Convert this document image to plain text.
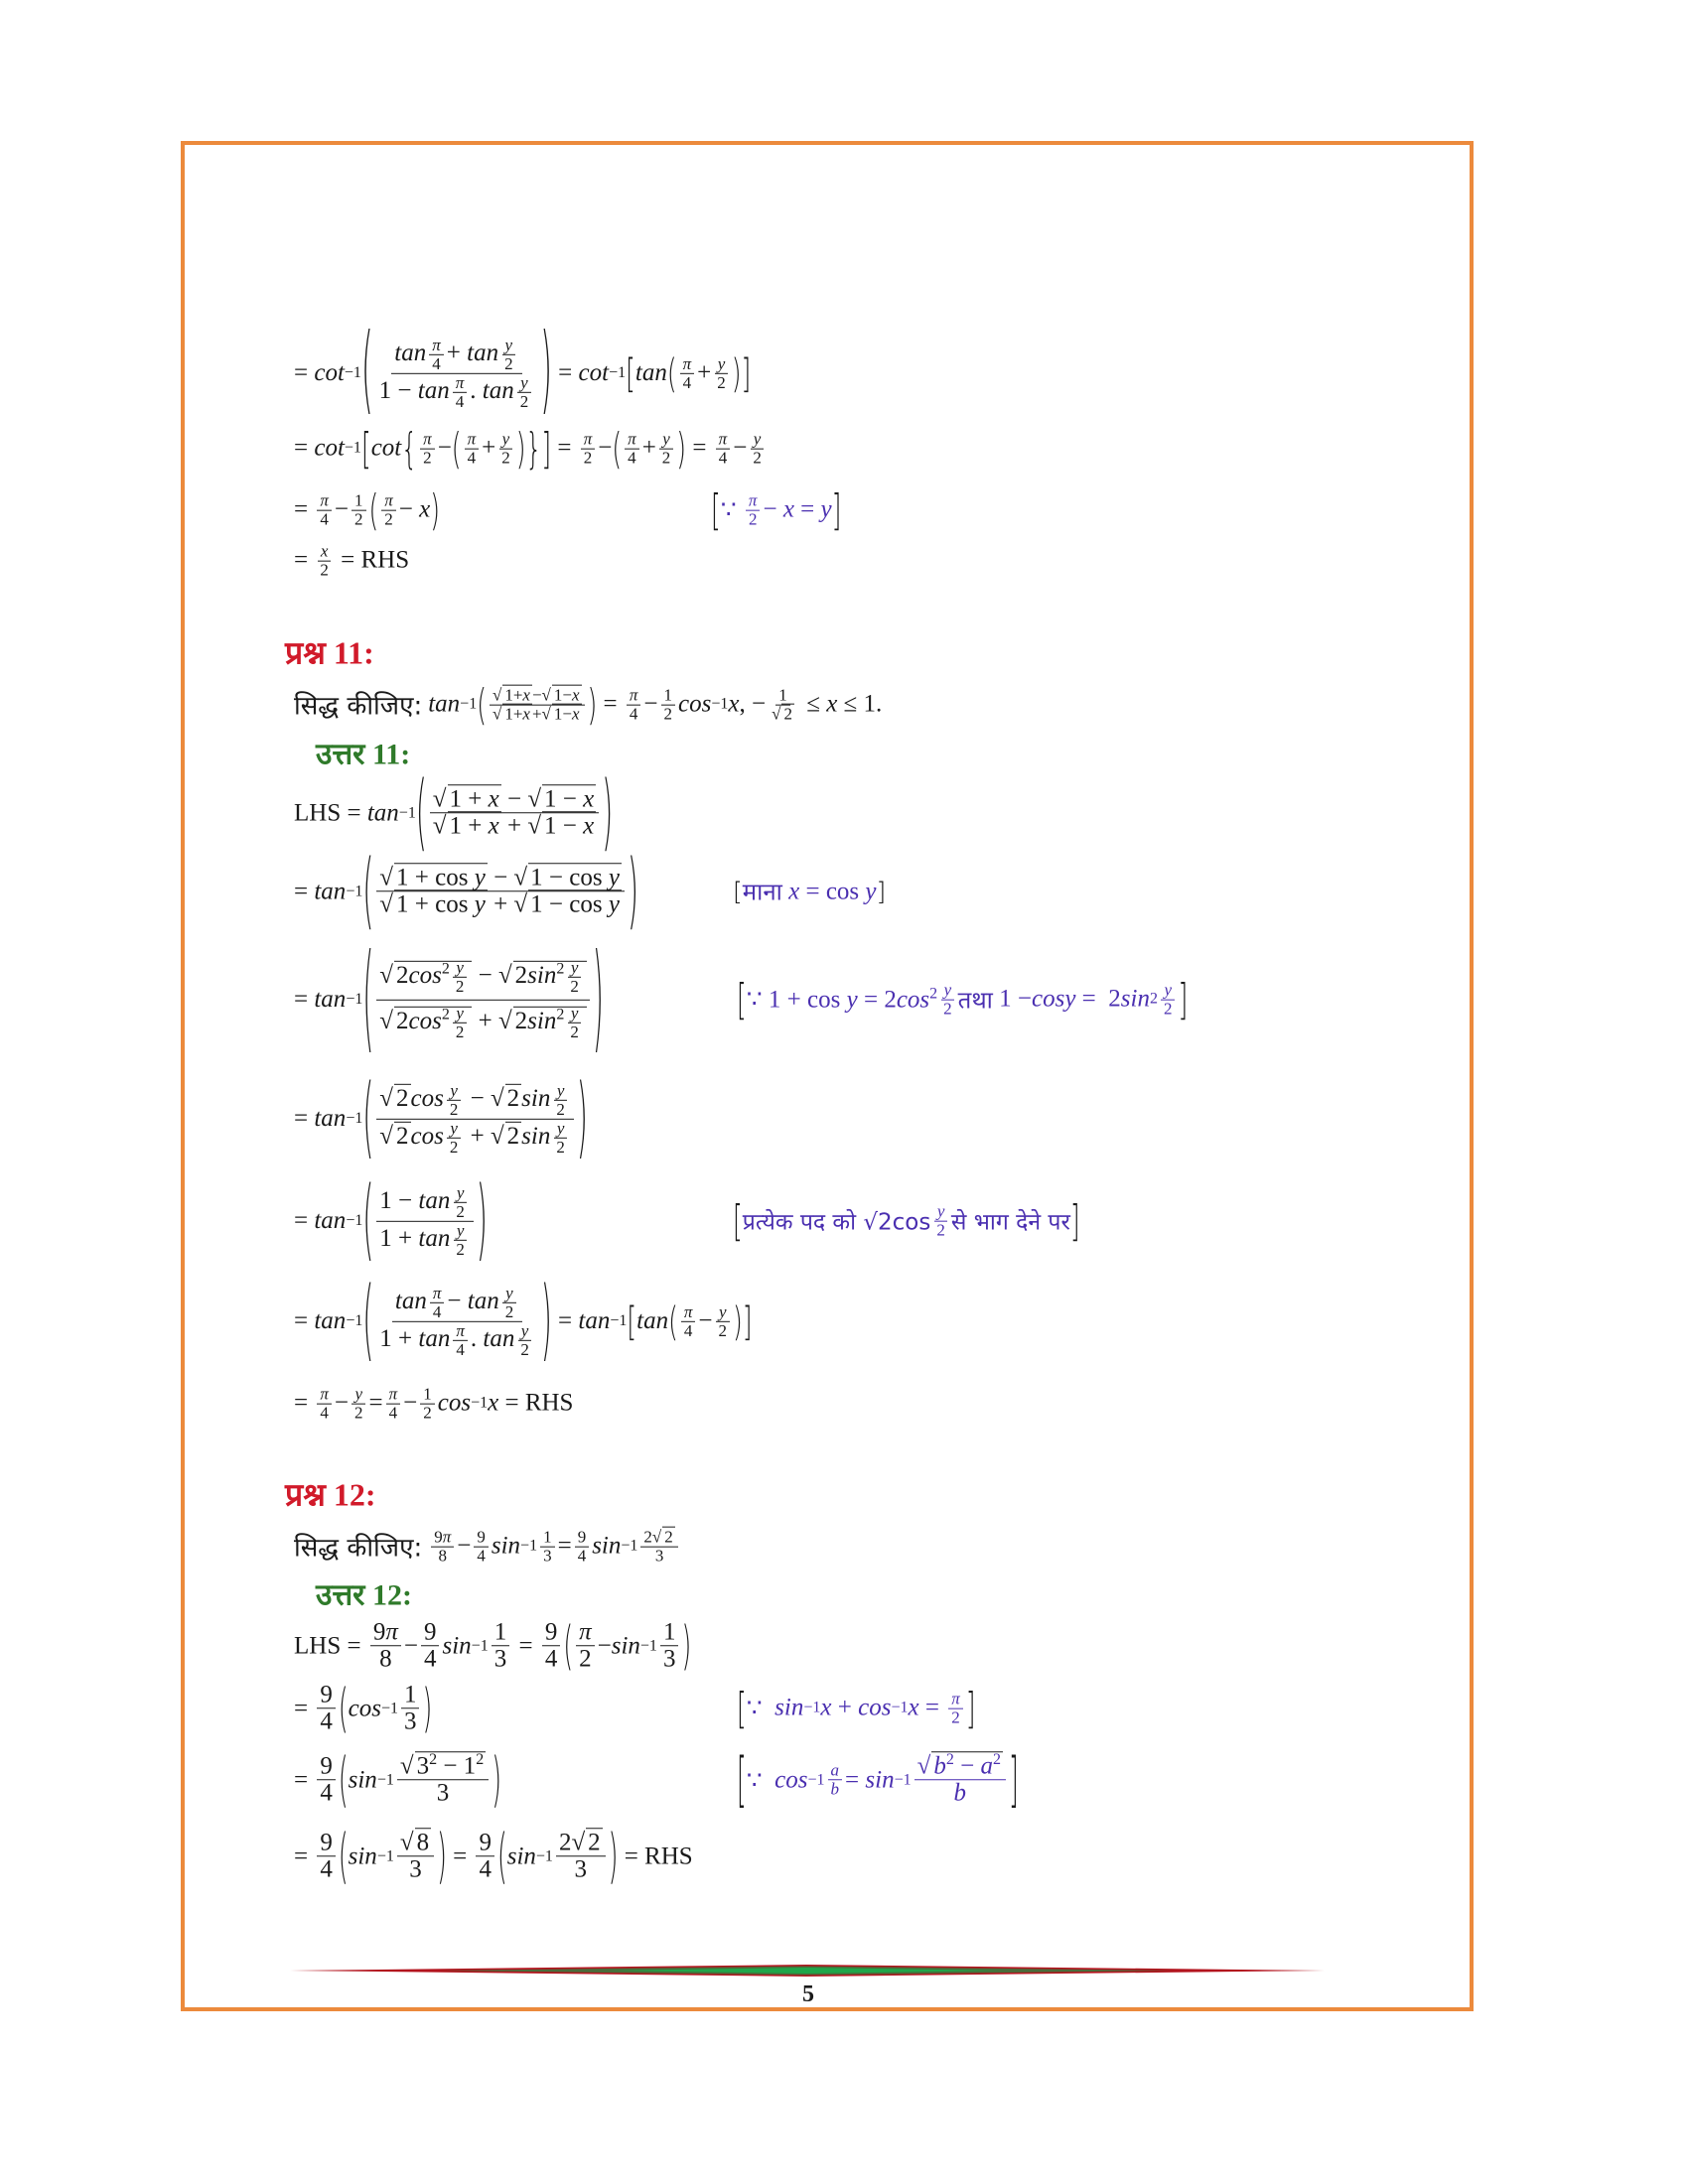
= cot −1 ( $\frac{\tan \frac{\pi}{4} + \tan \frac{y}{2}}{1 - \tan \frac{\pi}{4} . \tan \frac{y}{2}}$ ) = cot −1 [ tan ( $\frac{\pi}{4} + \frac{y}{2}$ ) ]
= cot −1 [ cot { $\frac{\pi}{2}$ − ( $\frac{\pi}{4} + \frac{y}{2}$ ) } ] = $\frac{\pi}{2}$ − ( $\frac{\pi}{4} + \frac{y}{2}$ ) = $\frac{\pi}{4} - \frac{y}{2}$
= $\frac{\pi}{4} - \frac{1}{2}$ ( $\frac{\pi}{2} - x$ )	[ ∵ $\frac{\pi}{2} - x = y$ ]
= $\frac{x}{2}$ = RHS
प्रश्न 11:
सिद्ध कीजिए: tan −1 ( $\frac{√ 1+x -√ 1-x}{√ 1+x +√ 1-x}$ ) = $\frac{\pi}{4} - \frac{1}{2}$ cos −1 x , − $\frac{1}{√ 2} \le x \le 1$.
उत्तर 11:
LHS = tan −1 ( $\frac{√ 1 + x - √ 1 - x}{√ 1 + x + √ 1 - x}$ )
= tan −1 ( $\frac{\text{√ 1 + cos y − √ 1 − cos y}}{\text{√ 1 + cos y + √ 1 − cos y}}$ )	[ माना
x = cos y ]
= tan −1 ( $\frac{√ 2\cos^2 \frac{y}{2} - √ 2\sin^2 \frac{y}{2}}{√ 2\cos^2 \frac{y}{2} + √ 2\sin^2 \frac{y}{2}}$ )	[ ∵ $1 + \cos y = 2\cos^2 \frac{y}{2}$ तथा 1 − cosy =  2 $\sin 2 \frac{y}{2}$ ]
= tan −1 ( $\frac{√ 2\cos \frac{y}{2} - √ 2\sin \frac{y}{2}}{√ 2\cos \frac{y}{2} + √ 2\sin \frac{y}{2}}$ )
= tan −1 ( $\frac{1 - \tan \frac{y}{2}}{1 + \tan \frac{y}{2}}$ )	[ प्रत्येक पद को $√2\cos \frac{y}{2}$ से भाग देने पर ]
= tan −1 ( $\frac{\tan \frac{\pi}{4} - \tan \frac{y}{2}}{1 + \tan \frac{\pi}{4} . \tan \frac{y}{2}}$ ) = tan −1 [ tan ( $\frac{\pi}{4} - \frac{y}{2}$ ) ]
= $\frac{\pi}{4} - \frac{y}{2} = \frac{\pi}{4} - \frac{1}{2}$ cos −1 x = RHS
प्रश्न 12:
सिद्ध कीजिए: $\frac{9\pi}{8} - \frac{9}{4}$ $\sin -1 \frac{1}{3} = \frac{9}{4}$ $\sin -1 \frac{2√ 2}{3}$
उत्तर 12:
LHS = $\frac{9\pi}{8} - \frac{9}{4}$ $\sin -1 \frac{1}{3} = \frac{9}{4}$ ( $\frac{\pi}{2} - \sin -1 \frac{1}{3}$ )
= $\frac{9}{4}$ ( $\cos -1 \frac{1}{3}$ )	[ ∵ sin −1 x + cos −1 $x = \frac{\pi}{2}$ ]
= $\frac{9}{4}$ ( $\sin -1 \frac{√ 3^2 - 1^2}{3}$ )	[ ∵ $\cos -1 \frac{a}{b} = \sin -1 \frac{√ b^2 - a^2}{b}$ ]
= $\frac{9}{4}$ ( $\sin -1 \frac{√ 8}{3}$ ) = $\frac{9}{4}$ ( $\sin -1 \frac{2√ 2}{3}$ ) = RHS
5
